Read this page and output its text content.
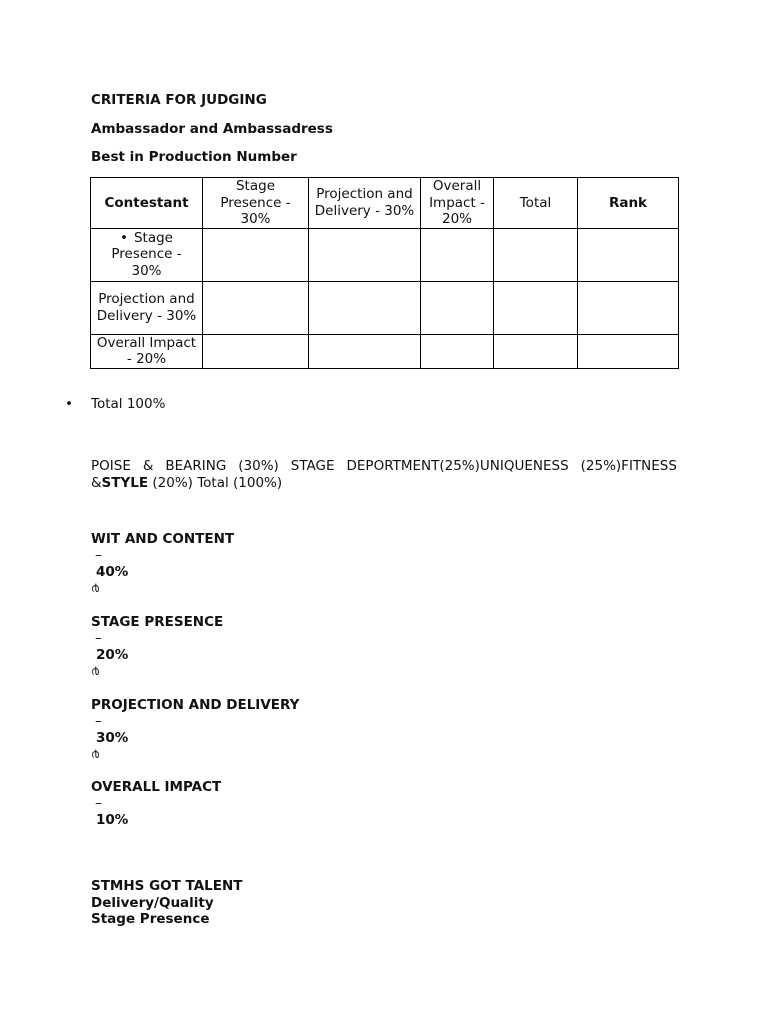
CRITERIA FOR JUDGING
Ambassador and Ambassadress
Best in Production Number
Contestant	Stage Presence - 30%	Projection and Delivery - 30%	Overall Impact - 20%	Total	Rank
• Stage Presence - 30%					
Projection and Delivery - 30%					
Overall Impact - 20%					
• Total 100%
POISE & BEARING (30%) STAGE DEPORTMENT(25%)UNIQUENESS (25%)FITNESS
&STYLE (20%) Total (100%)
WIT AND CONTENT
–
40%
൪
STAGE PRESENCE
–
20%
൪
PROJECTION AND DELIVERY
–
30%
൪
OVERALL IMPACT
–
10%
STMHS GOT TALENT
Delivery/Quality
Stage Presence
